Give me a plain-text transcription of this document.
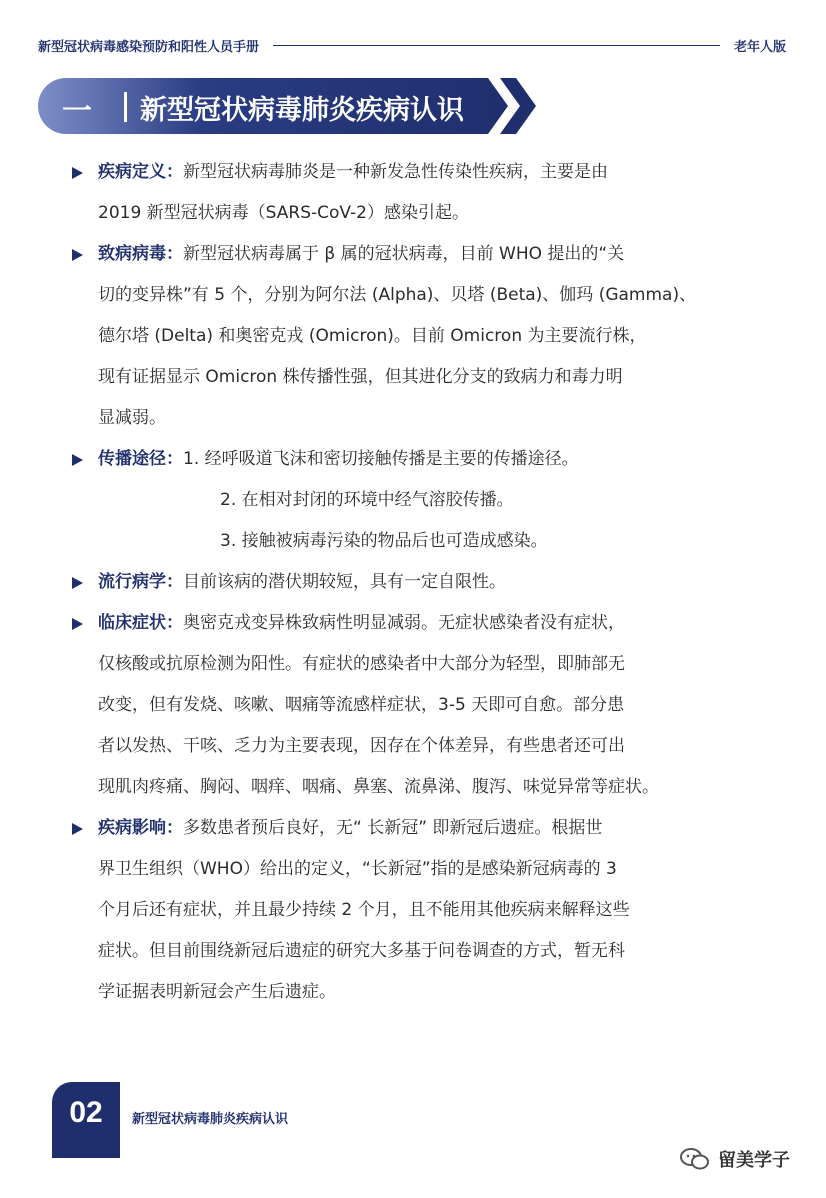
新型冠状病毒感染预防和阳性人员手册	老年人版
一 新型冠状病毒肺炎疾病认识
疾病定义：新型冠状病毒肺炎是一种新发急性传染性疾病，主要是由
2019 新型冠状病毒（SARS-CoV-2）感染引起。
致病病毒：新型冠状病毒属于 β 属的冠状病毒，目前 WHO 提出的“关
切的变异株”有 5 个，分别为阿尔法 (Alpha)、贝塔 (Beta)、伽玛 (Gamma)、
德尔塔 (Delta) 和奥密克戎 (Omicron)。目前 Omicron 为主要流行株，
现有证据显示 Omicron 株传播性强，但其进化分支的致病力和毒力明
显减弱。
传播途径：1. 经呼吸道飞沫和密切接触传播是主要的传播途径。
2. 在相对封闭的环境中经气溶胶传播。
3. 接触被病毒污染的物品后也可造成感染。
流行病学：目前该病的潜伏期较短，具有一定自限性。
临床症状：奥密克戎变异株致病性明显减弱。无症状感染者没有症状，
仅核酸或抗原检测为阳性。有症状的感染者中大部分为轻型，即肺部无
改变，但有发烧、咳嗽、咽痛等流感样症状，3-5 天即可自愈。部分患
者以发热、干咳、乏力为主要表现，因存在个体差异，有些患者还可出
现肌肉疼痛、胸闷、咽痒、咽痛、鼻塞、流鼻涕、腹泻、味觉异常等症状。
疾病影响：多数患者预后良好，无“ 长新冠” 即新冠后遗症。根据世
界卫生组织（WHO）给出的定义，“长新冠”指的是感染新冠病毒的 3
个月后还有症状，并且最少持续 2 个月，且不能用其他疾病来解释这些
症状。但目前围绕新冠后遗症的研究大多基于问卷调查的方式，暂无科
学证据表明新冠会产生后遗症。
02	新型冠状病毒肺炎疾病认识
留美学子
